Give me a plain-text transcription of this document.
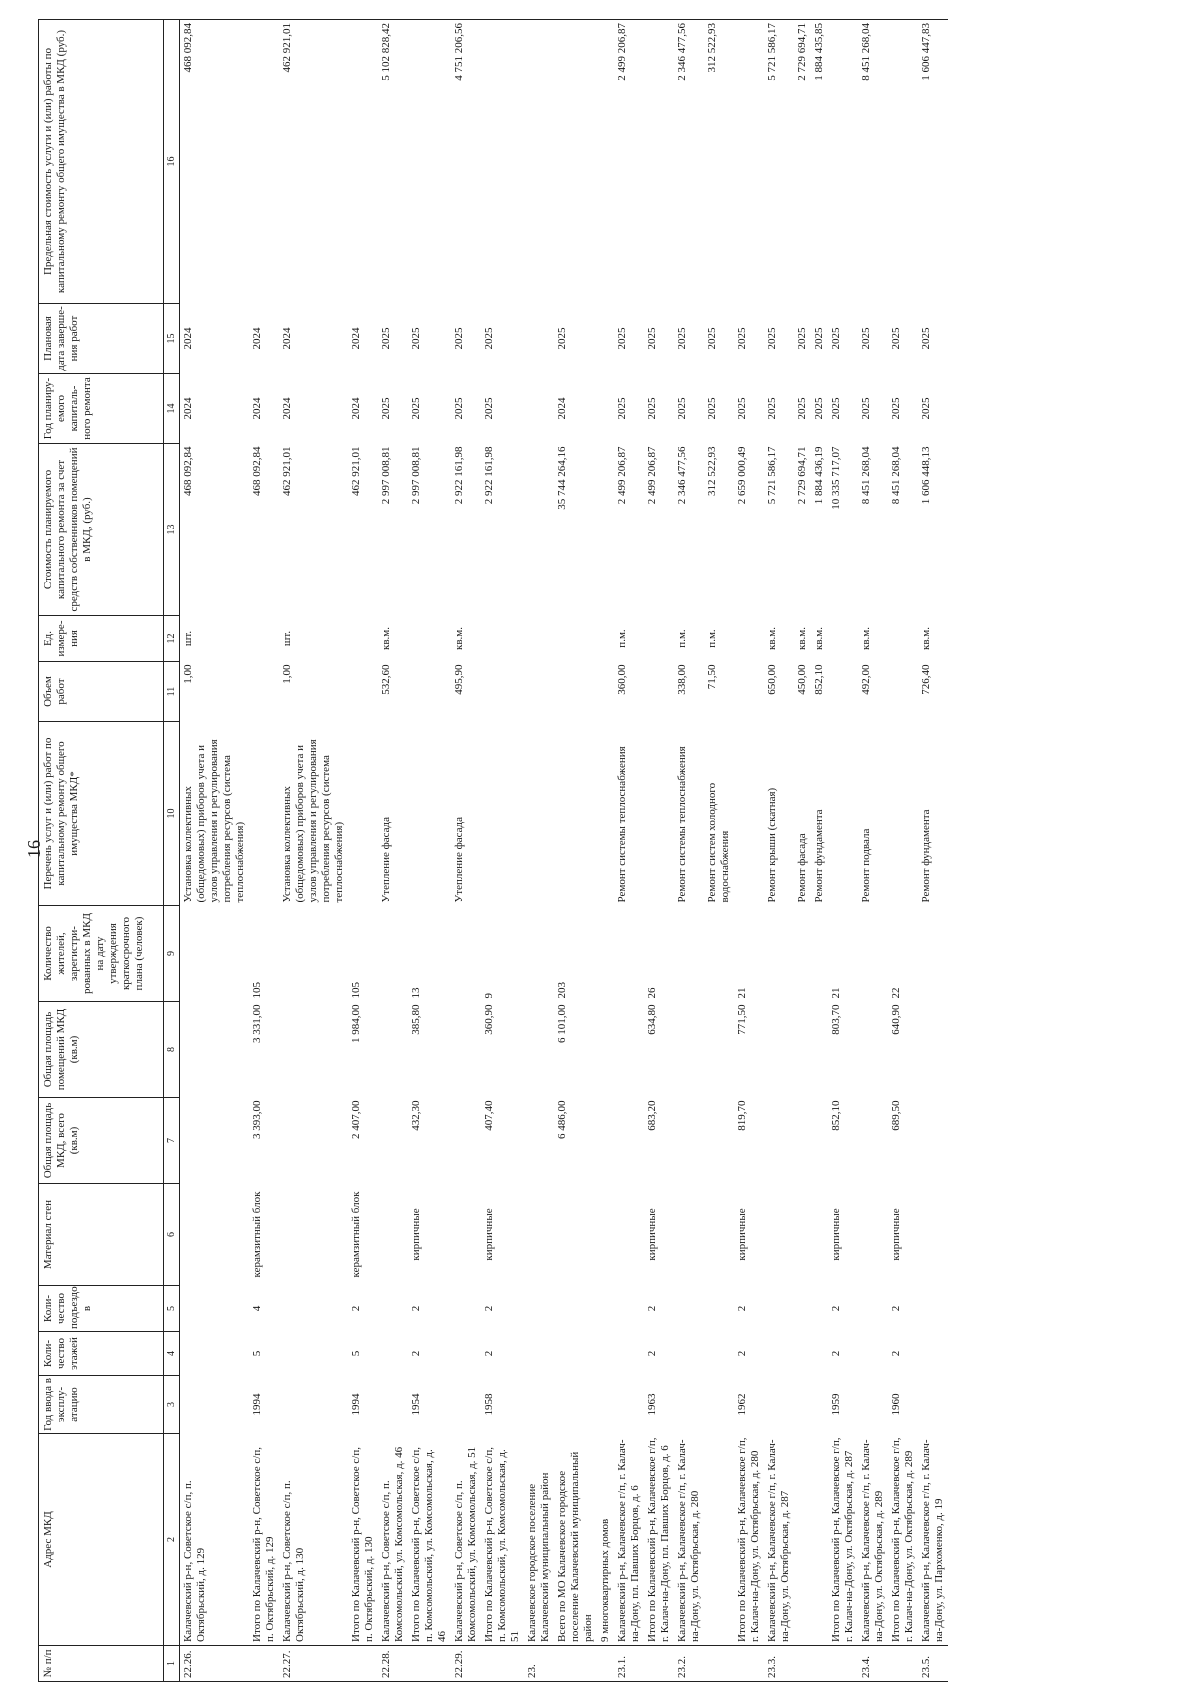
16
№ п/п	Адрес МКД	Год ввода в эксплу-атацию	Коли-чество этажей	Коли-чество подъездо в	Материал стен	Общая площадь МКД, всего (кв.м)	Общая площадь помещений МКД (кв.м)	Количество жителей, зарегистри-рованных в МКД на дату утверждения краткосрочного плана (человек)	Перечень услуг и (или) работ по капитальному ремонту общего имущества МКД*	Объем работ	Ед. измере-ния	Стоимость планируемого капитального ремонта за счет средств собственников помещений в МКД, (руб.)	Год планиру-емого капиталь-ного ремонта	Плановая дата заверше-ния работ	Предельная стоимость услуги и (или) работы по капитальному ремонту общего имущества в МКД (руб.)
1	2	3	4	5	6	7	8	9	10	11	12	13	14	15	16
22.26.	Калачевский р-н, Советское с/п, п. Октябрьский, д. 129								Установка коллективных (общедомовых) приборов учета и узлов управления и регулирования потребления ресурсов (система теплоснабжения)	1,00	шт.	468 092,84	2024	2024	468 092,84
	Итого по Калачевский р-н, Советское с/п, п. Октябрьский, д. 129	1994	5	4	керамзитный блок	3 393,00	3 331,00	105				468 092,84	2024	2024	
22.27.	Калачевский р-н, Советское с/п, п. Октябрьский, д. 130								Установка коллективных (общедомовых) приборов учета и узлов управления и регулирования потребления ресурсов (система теплоснабжения)	1,00	шт.	462 921,01	2024	2024	462 921,01
	Итого по Калачевский р-н, Советское с/п, п. Октябрьский, д. 130	1994	5	2	керамзитный блок	2 407,00	1 984,00	105				462 921,01	2024	2024	
22.28.	Калачевский р-н, Советское с/п, п. Комсомольский, ул. Комсомольская, д. 46								Утепление фасада	532,60	кв.м.	2 997 008,81	2025	2025	5 102 828,42
	Итого по Калачевский р-н, Советское с/п, п. Комсомольский, ул. Комсомольская, д. 46	1954	2	2	кирпичные	432,30	385,80	13				2 997 008,81	2025	2025	
22.29.	Калачевский р-н, Советское с/п, п. Комсомольский, ул. Комсомольская, д. 51								Утепление фасада	495,90	кв.м.	2 922 161,98	2025	2025	4 751 206,56
	Итого по Калачевский р-н, Советское с/п, п. Комсомольский, ул. Комсомольская, д. 51	1958	2	2	кирпичные	407,40	360,90	9				2 922 161,98	2025	2025	
23.	Калачевское городское поселение Калачевский муниципальный район														
	Всего по МО Калачевское городское поселение Калачевский муниципальный район					6 486,00	6 101,00	203				35 744 264,16	2024	2025	
	9 многоквартирных домов														
23.1.	Калачевский р-н, Калачевское г/п, г. Калач-на-Дону, пл. Павших Борцов, д. 6								Ремонт системы теплоснабжения	360,00	п.м.	2 499 206,87	2025	2025	2 499 206,87
	Итого по Калачевский р-н, Калачевское г/п, г. Калач-на-Дону, пл. Павших Борцов, д. 6	1963	2	2	кирпичные	683,20	634,80	26				2 499 206,87	2025	2025	
23.2.	Калачевский р-н, Калачевское г/п, г. Калач-на-Дону, ул. Октябрьская, д. 280								Ремонт системы теплоснабжения	338,00	п.м.	2 346 477,56	2025	2025	2 346 477,56
									Ремонт систем холодного водоснабжения	71,50	п.м.	312 522,93	2025	2025	312 522,93
	Итого по Калачевский р-н, Калачевское г/п, г. Калач-на-Дону, ул. Октябрьская, д. 280	1962	2	2	кирпичные	819,70	771,50	21				2 659 000,49	2025	2025	
23.3.	Калачевский р-н, Калачевское г/п, г. Калач-на-Дону, ул. Октябрьская, д. 287								Ремонт крыши (скатная)	650,00	кв.м.	5 721 586,17	2025	2025	5 721 586,17
									Ремонт фасада	450,00	кв.м.	2 729 694,71	2025	2025	2 729 694,71
									Ремонт фундамента	852,10	кв.м.	1 884 436,19	2025	2025	1 884 435,85
	Итого по Калачевский р-н, Калачевское г/п, г. Калач-на-Дону, ул. Октябрьская, д. 287	1959	2	2	кирпичные	852,10	803,70	21				10 335 717,07	2025	2025	
23.4.	Калачевский р-н, Калачевское г/п, г. Калач-на-Дону, ул. Октябрьская, д. 289								Ремонт подвала	492,00	кв.м.	8 451 268,04	2025	2025	8 451 268,04
	Итого по Калачевский р-н, Калачевское г/п, г. Калач-на-Дону, ул. Октябрьская, д. 289	1960	2	2	кирпичные	689,50	640,90	22				8 451 268,04	2025	2025	
23.5.	Калачевский р-н, Калачевское г/п, г. Калач-на-Дону, ул. Пархоменко, д. 19								Ремонт фундамента	726,40	кв.м.	1 606 448,13	2025	2025	1 606 447,83
